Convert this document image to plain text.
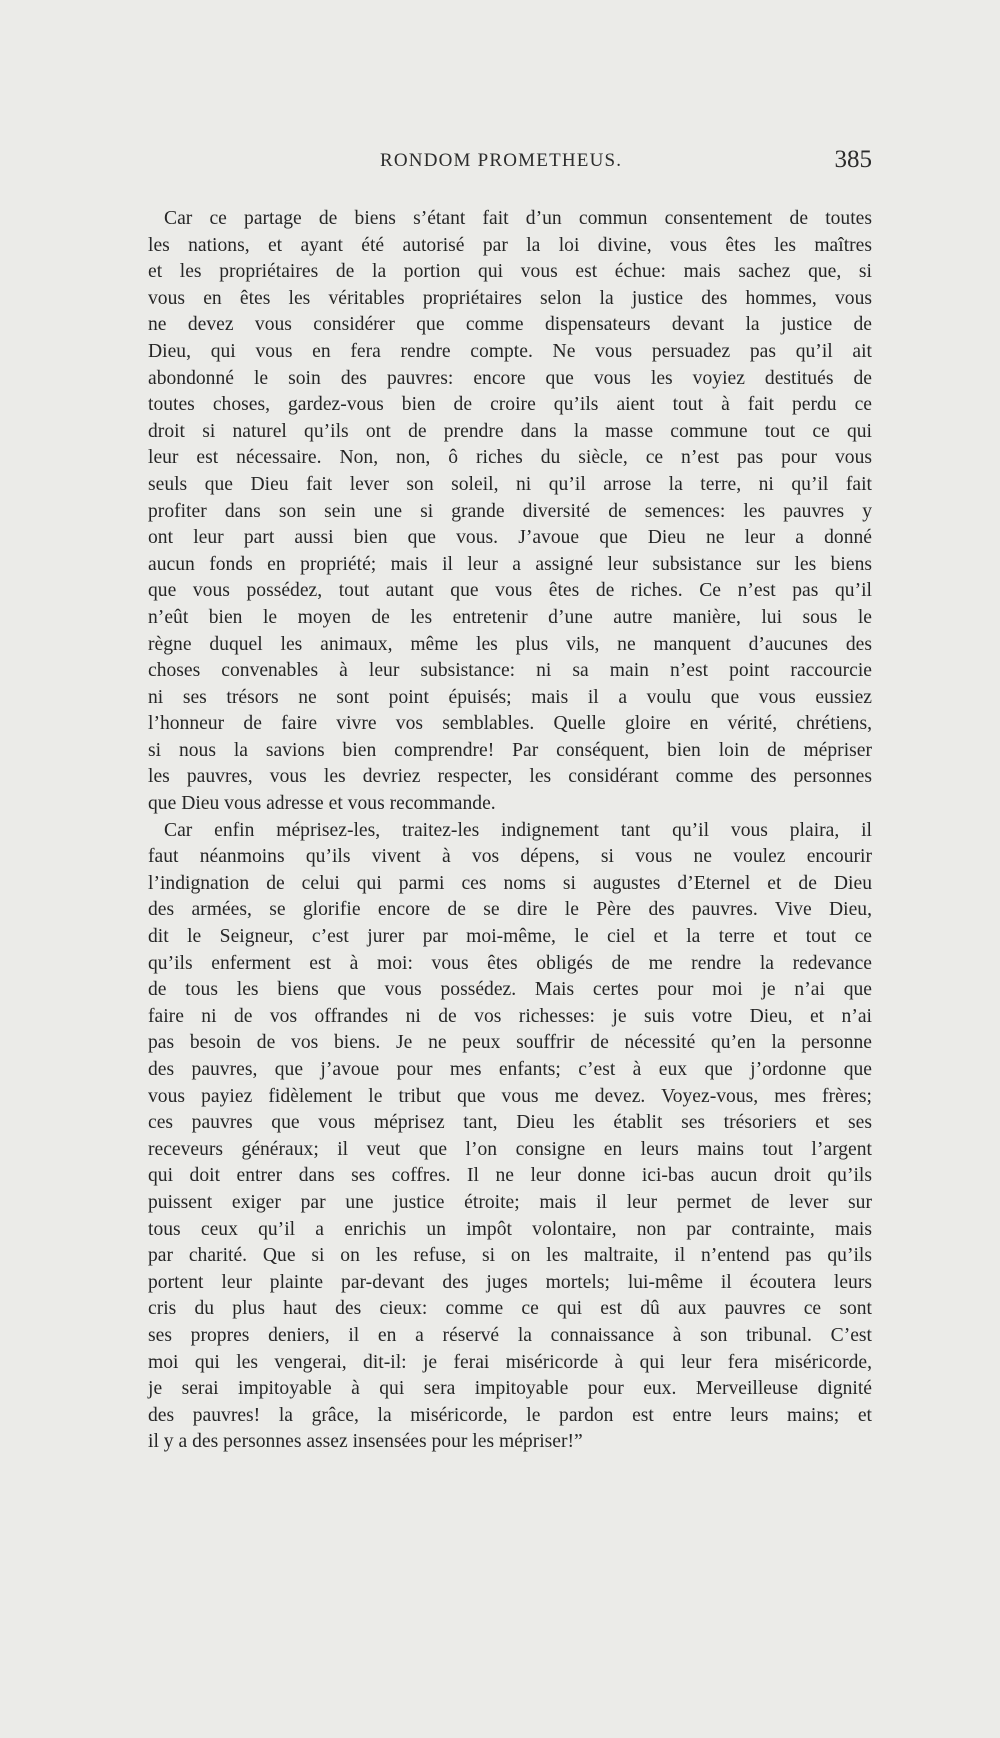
RONDOM PROMETHEUS.	385
Car ce partage de biens s’étant fait d’un commun consentement de toutes
les nations, et ayant été autorisé par la loi divine, vous êtes les maîtres
et les propriétaires de la portion qui vous est échue: mais sachez que, si
vous en êtes les véritables propriétaires selon la justice des hommes, vous
ne devez vous considérer que comme dispensateurs devant la justice de
Dieu, qui vous en fera rendre compte. Ne vous persuadez pas qu’il ait
abondonné le soin des pauvres: encore que vous les voyiez destitués de
toutes choses, gardez-vous bien de croire qu’ils aient tout à fait perdu ce
droit si naturel qu’ils ont de prendre dans la masse commune tout ce qui
leur est nécessaire. Non, non, ô riches du siècle, ce n’est pas pour vous
seuls que Dieu fait lever son soleil, ni qu’il arrose la terre, ni qu’il fait
profiter dans son sein une si grande diversité de semences: les pauvres y
ont leur part aussi bien que vous. J’avoue que Dieu ne leur a donné
aucun fonds en propriété; mais il leur a assigné leur subsistance sur les biens
que vous possédez, tout autant que vous êtes de riches. Ce n’est pas qu’il
n’eût bien le moyen de les entretenir d’une autre manière, lui sous le
règne duquel les animaux, même les plus vils, ne manquent d’aucunes des
choses convenables à leur subsistance: ni sa main n’est point raccourcie
ni ses trésors ne sont point épuisés; mais il a voulu que vous eussiez
l’honneur de faire vivre vos semblables. Quelle gloire en vérité, chrétiens,
si nous la savions bien comprendre! Par conséquent, bien loin de mépriser
les pauvres, vous les devriez respecter, les considérant comme des personnes
que Dieu vous adresse et vous recommande.
Car enfin méprisez-les, traitez-les indignement tant qu’il vous plaira, il
faut néanmoins qu’ils vivent à vos dépens, si vous ne voulez encourir
l’indignation de celui qui parmi ces noms si augustes d’Eternel et de Dieu
des armées, se glorifie encore de se dire le Père des pauvres. Vive Dieu,
dit le Seigneur, c’est jurer par moi-même, le ciel et la terre et tout ce
qu’ils enferment est à moi: vous êtes obligés de me rendre la redevance
de tous les biens que vous possédez. Mais certes pour moi je n’ai que
faire ni de vos offrandes ni de vos richesses: je suis votre Dieu, et n’ai
pas besoin de vos biens. Je ne peux souffrir de nécessité qu’en la personne
des pauvres, que j’avoue pour mes enfants; c’est à eux que j’ordonne que
vous payiez fidèlement le tribut que vous me devez. Voyez-vous, mes frères;
ces pauvres que vous méprisez tant, Dieu les établit ses trésoriers et ses
receveurs généraux; il veut que l’on consigne en leurs mains tout l’argent
qui doit entrer dans ses coffres. Il ne leur donne ici-bas aucun droit qu’ils
puissent exiger par une justice étroite; mais il leur permet de lever sur
tous ceux qu’il a enrichis un impôt volontaire, non par contrainte, mais
par charité. Que si on les refuse, si on les maltraite, il n’entend pas qu’ils
portent leur plainte par-devant des juges mortels; lui-même il écoutera leurs
cris du plus haut des cieux: comme ce qui est dû aux pauvres ce sont
ses propres deniers, il en a réservé la connaissance à son tribunal. C’est
moi qui les vengerai, dit-il: je ferai miséricorde à qui leur fera miséricorde,
je serai impitoyable à qui sera impitoyable pour eux. Merveilleuse dignité
des pauvres! la grâce, la miséricorde, le pardon est entre leurs mains; et
il y a des personnes assez insensées pour les mépriser!”
